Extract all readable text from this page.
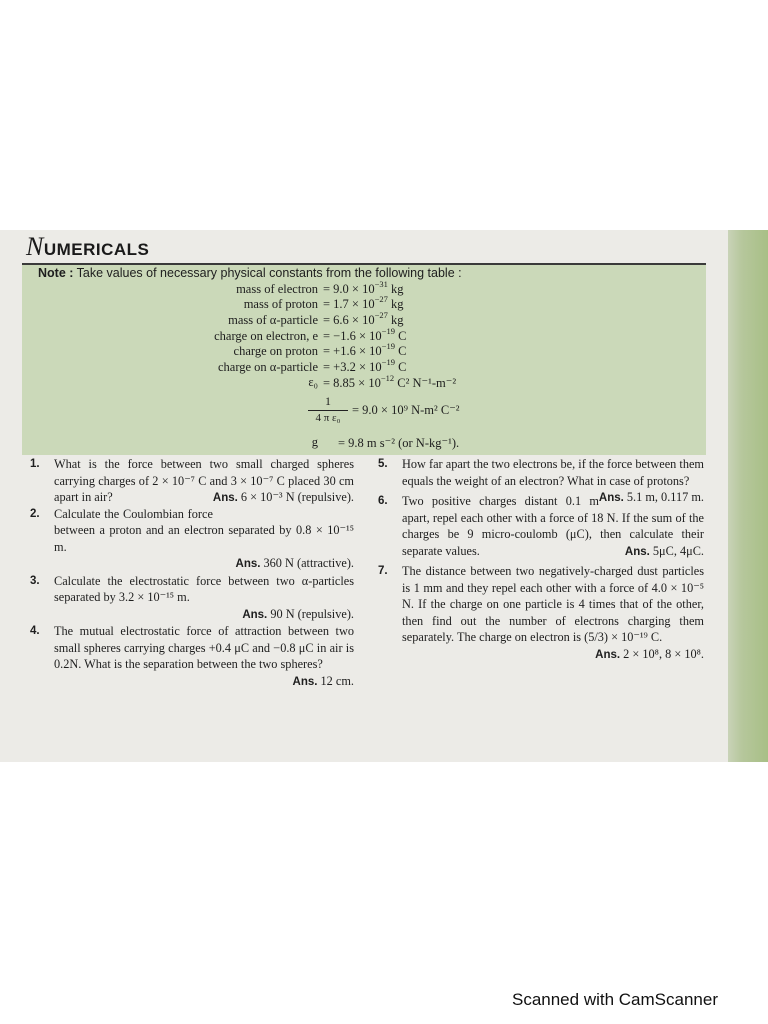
NUMERICALS
Note : Take values of necessary physical constants from the following table :
mass of electron = $9.0 \times 10^{-31}$ kg
mass of proton = $1.7 \times 10^{-27}$ kg
mass of α-particle = $6.6 \times 10^{-27}$ kg
charge on electron, $e = -1.6 \times 10^{-19}$ C
charge on proton = $+1.6 \times 10^{-19}$ C
charge on α-particle = $+3.2 \times 10^{-19}$ C
$\varepsilon_0 = 8.85 \times 10^{-12}$ C² N⁻¹-m⁻²
$\frac{1}{\text{4 π ε₀}} = 9.0 \times 10^9$ N-m² C⁻²
g = 9.8 m s⁻² (or N-kg⁻¹).
1. What is the force between two small charged spheres carrying charges of 2 × 10⁻⁷ C and 3 × 10⁻⁷ C placed 30 cm apart in air?	Ans. 6 × 10⁻³ N (repulsive).
2. Calculate the Coulombian force between a proton and an electron separated by 0.8 × 10⁻¹⁵ m.
Ans. 360 N (attractive).
3. Calculate the electrostatic force between two α-particles separated by 3.2 × 10⁻¹⁵ m.
Ans. 90 N (repulsive).
4. The mutual electrostatic force of attraction between two small spheres carrying charges +0.4 μC and −0.8 μC in air is 0.2N. What is the separation between the two spheres?
Ans. 12 cm.
5. How far apart the two electrons be, if the force between them equals the weight of an electron? What in case of protons?
Ans. 5.1 m, 0.117 m.
6. Two positive charges distant 0.1 m apart, repel each other with a force of 18 N. If the sum of the charges be 9 micro-coulomb (μC), then calculate their separate values.	Ans. 5μC, 4μC.
7. The distance between two negatively-charged dust particles is 1 mm and they repel each other with a force of 4.0 × 10⁻⁵ N. If the charge on one particle is 4 times that of the other, then find out the number of electrons charging them separately. The charge on electron is (5/3) × 10⁻¹⁹ C.
Ans. 2 × 10⁸, 8 × 10⁸.
Scanned with CamScanner
